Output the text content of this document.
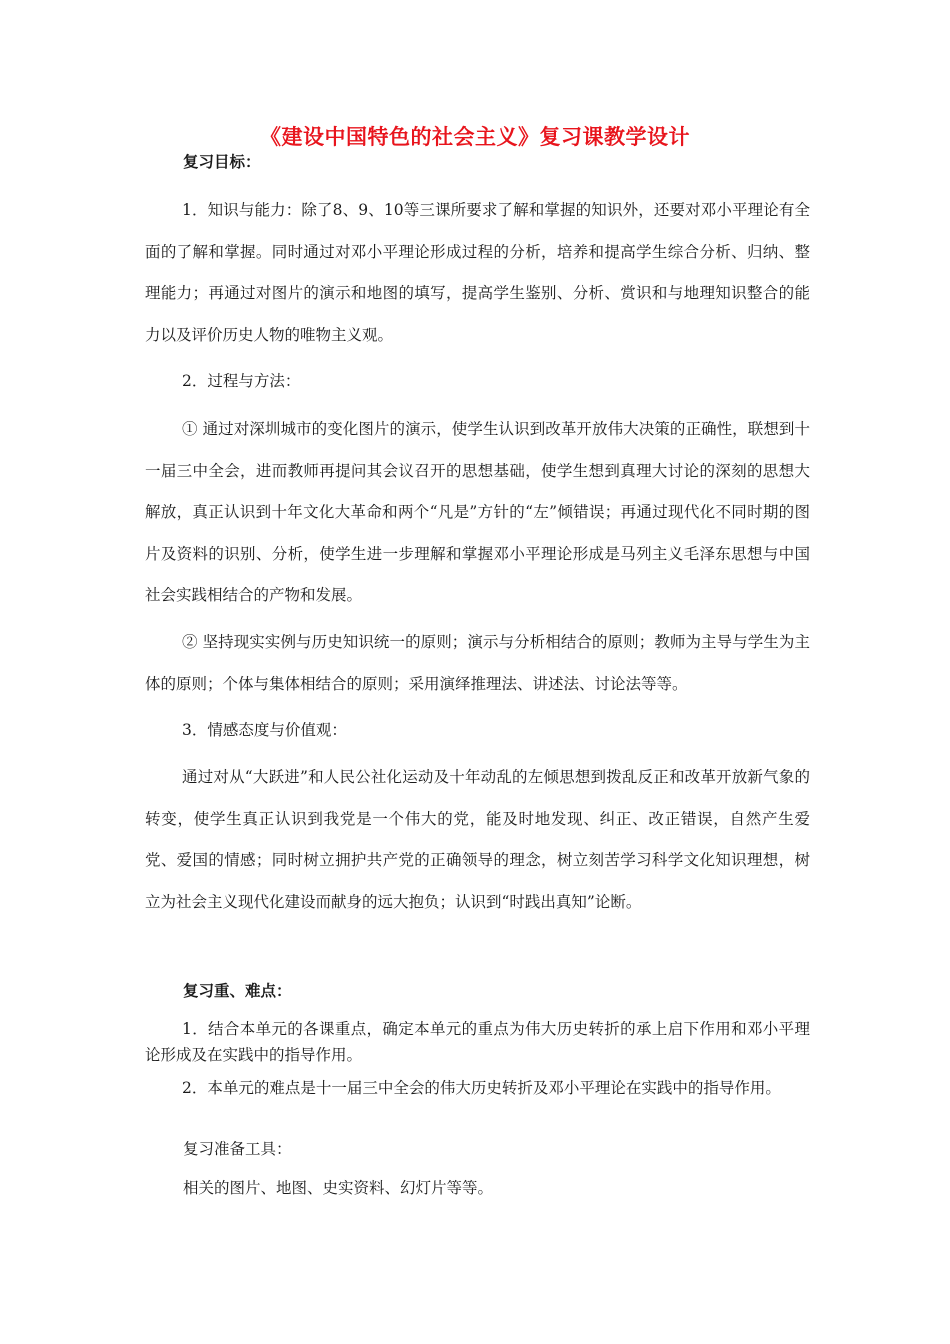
《建设中国特色的社会主义》复习课教学设计
复习目标：

1．知识与能力：除了8、9、10等三课所要求了解和掌握的知识外，还要对邓小平理论有全面的了解和掌握。同时通过对邓小平理论形成过程的分析，培养和提高学生综合分析、归纳、整理能力；再通过对图片的演示和地图的填写，提高学生鉴别、分析、赏识和与地理知识整合的能力以及评价历史人物的唯物主义观。

2．过程与方法：

① 通过对深圳城市的变化图片的演示，使学生认识到改革开放伟大决策的正确性，联想到十一届三中全会，进而教师再提问其会议召开的思想基础，使学生想到真理大讨论的深刻的思想大解放，真正认识到十年文化大革命和两个“凡是”方针的“左”倾错误；再通过现代化不同时期的图片及资料的识别、分析，使学生进一步理解和掌握邓小平理论形成是马列主义毛泽东思想与中国社会实践相结合的产物和发展。

② 坚持现实实例与历史知识统一的原则；演示与分析相结合的原则；教师为主导与学生为主体的原则；个体与集体相结合的原则；采用演绎推理法、讲述法、讨论法等等。

3．情感态度与价值观：

通过对从“大跃进”和人民公社化运动及十年动乱的左倾思想到拨乱反正和改革开放新气象的转变，使学生真正认识到我党是一个伟大的党，能及时地发现、纠正、改正错误，自然产生爱党、爱国的情感；同时树立拥护共产党的正确领导的理念，树立刻苦学习科学文化知识理想，树立为社会主义现代化建设而献身的远大抱负；认识到“时践出真知”论断。

复习重、难点：

1．结合本单元的各课重点，确定本单元的重点为伟大历史转折的承上启下作用和邓小平理论形成及在实践中的指导作用。

2．本单元的难点是十一届三中全会的伟大历史转折及邓小平理论在实践中的指导作用。

复习准备工具：

相关的图片、地图、史实资料、幻灯片等等。
